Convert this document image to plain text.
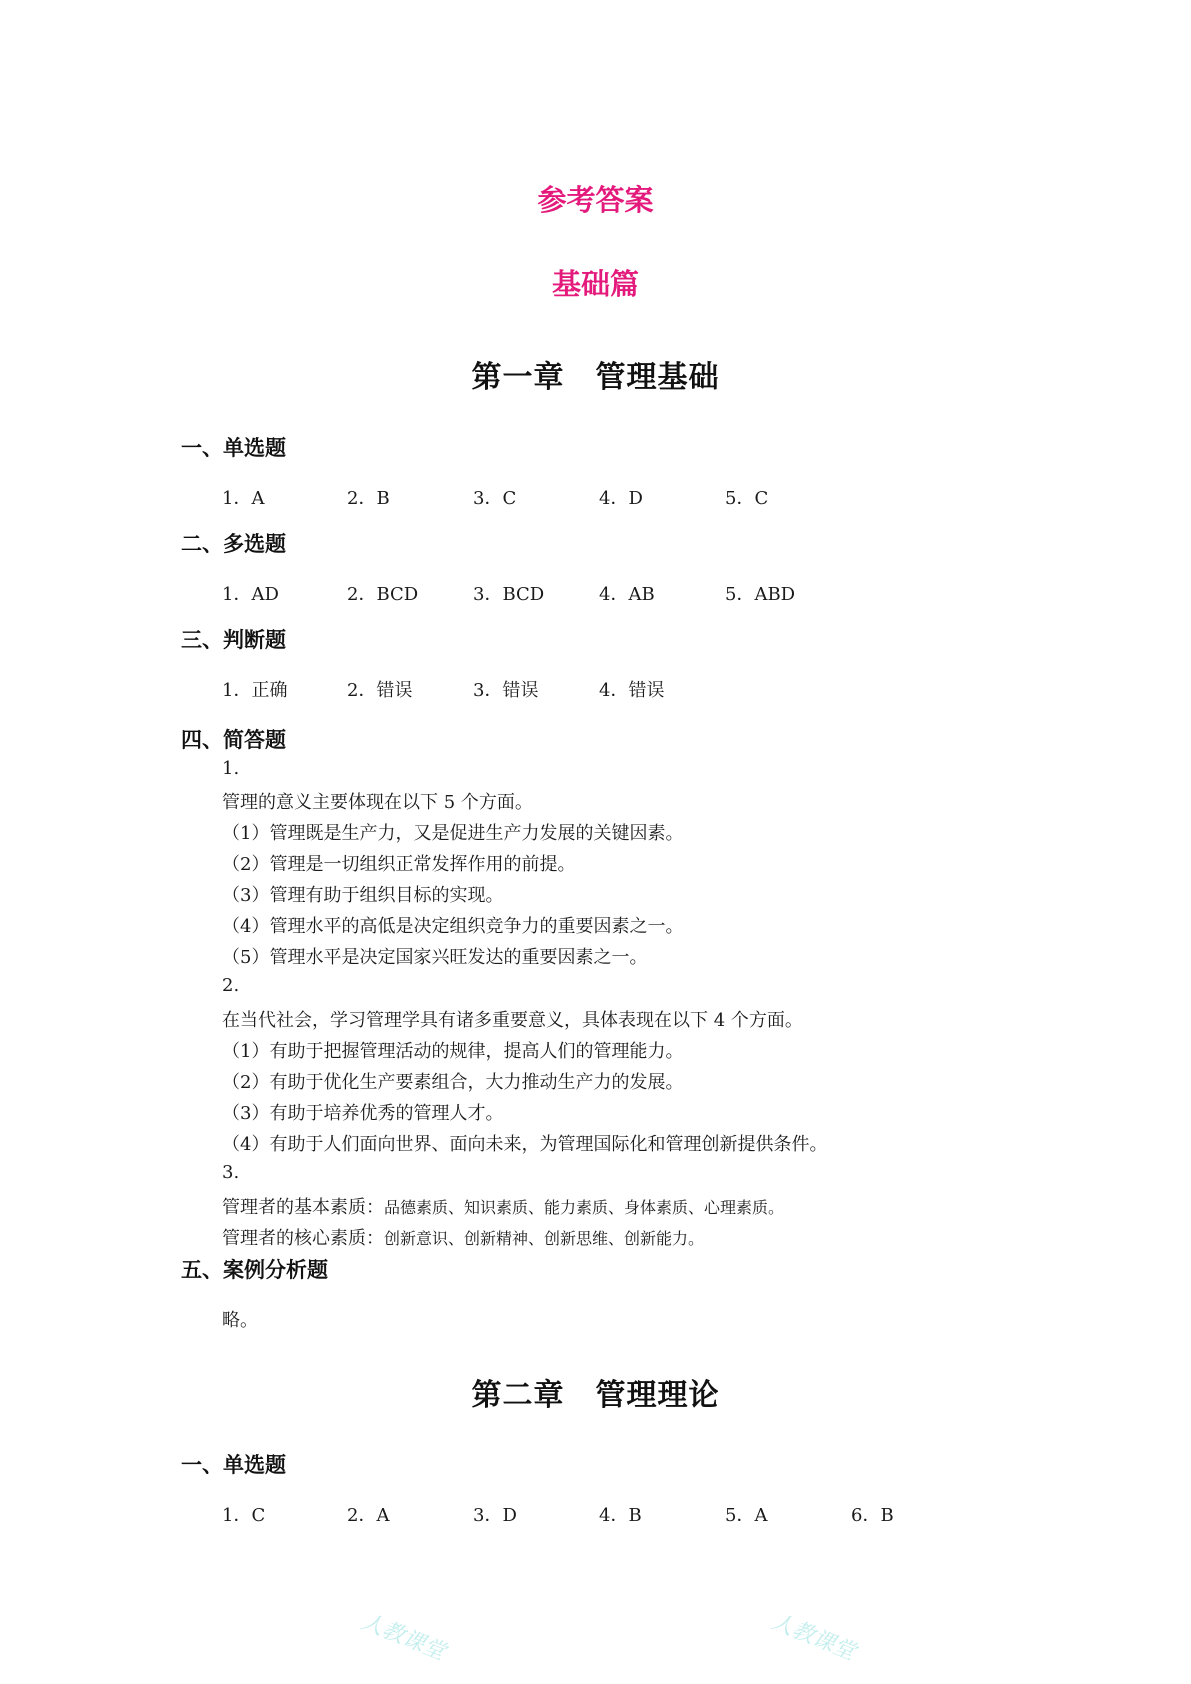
参考答案
基础篇
第一章　管理基础
一、单选题
1．A	2．B	3．C	4．D	5．C
二、多选题
1．AD	2．BCD	3．BCD	4．AB	5．ABD
三、判断题
1．正确	2．错误	3．错误	4．错误
四、简答题
1.
管理的意义主要体现在以下 5 个方面。
（1）管理既是生产力，又是促进生产力发展的关键因素。
（2）管理是一切组织正常发挥作用的前提。
（3）管理有助于组织目标的实现。
（4）管理水平的高低是决定组织竞争力的重要因素之一。
（5）管理水平是决定国家兴旺发达的重要因素之一。
2.
在当代社会，学习管理学具有诸多重要意义，具体表现在以下 4 个方面。
（1）有助于把握管理活动的规律，提高人们的管理能力。
（2）有助于优化生产要素组合，大力推动生产力的发展。
（3）有助于培养优秀的管理人才。
（4）有助于人们面向世界、面向未来，为管理国际化和管理创新提供条件。
3.
管理者的基本素质：品德素质、知识素质、能力素质、身体素质、心理素质。
管理者的核心素质：创新意识、创新精神、创新思维、创新能力。
五、案例分析题
略。
第二章　管理理论
一、单选题
1．C	2．A	3．D	4．B	5．A	6．B
人教课堂	人教课堂
